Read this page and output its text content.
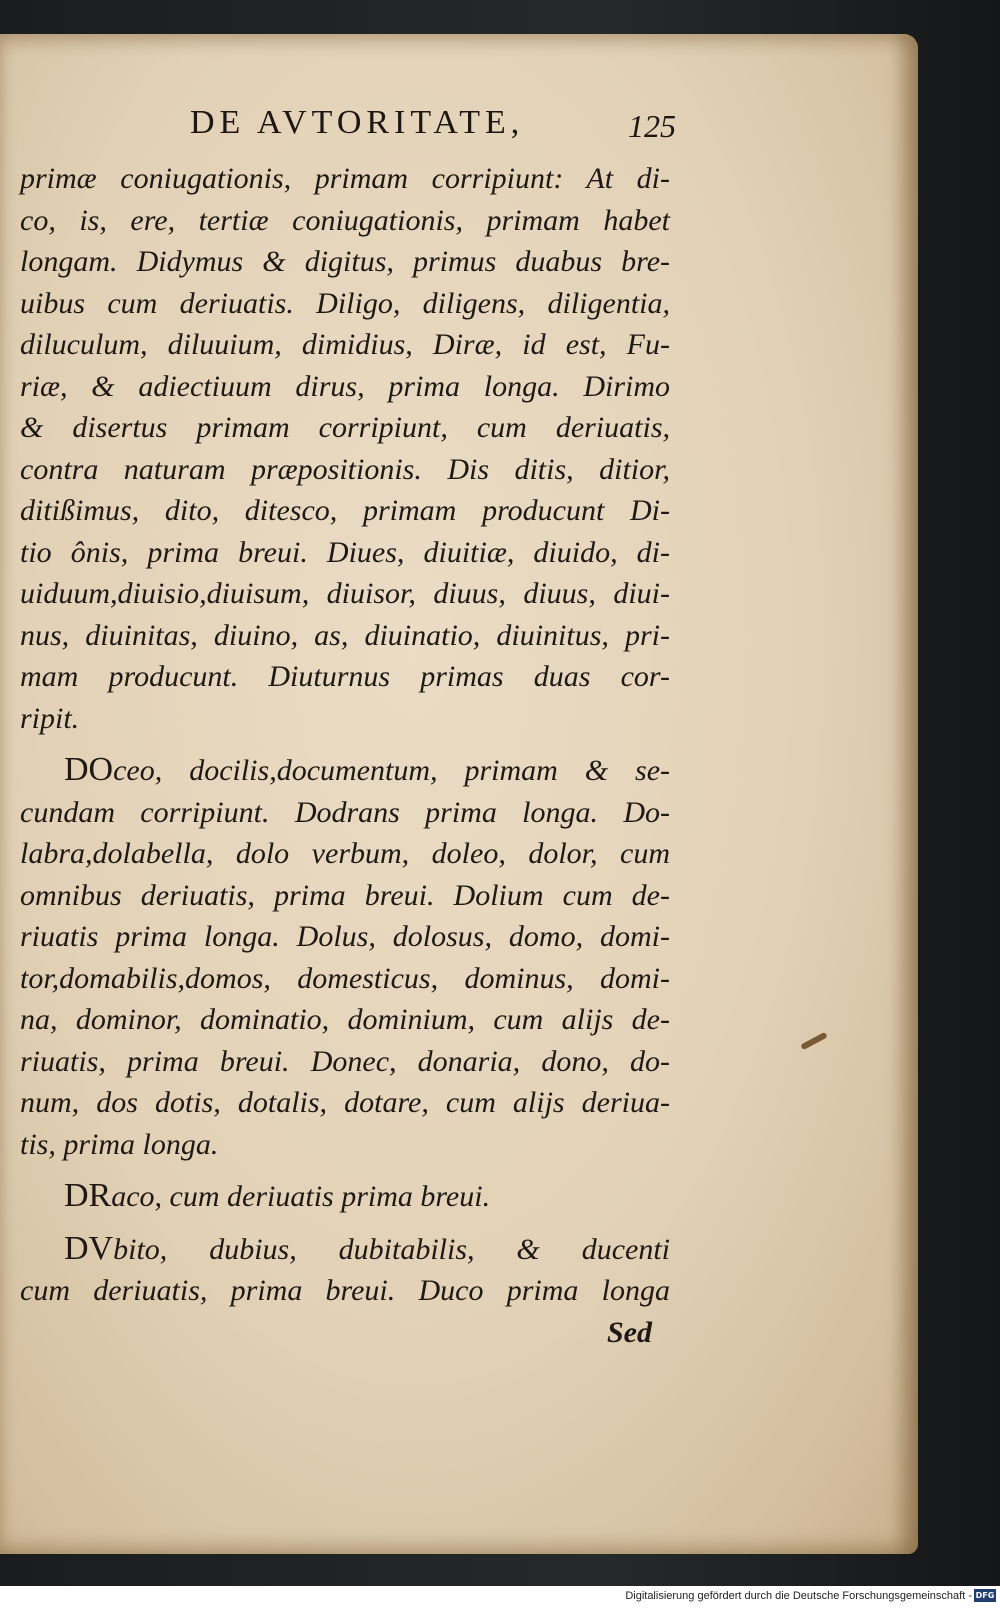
DE AVTORITATE,	125
primæ coniugationis, primam corripiunt: At di-
co, is, ere, tertiæ coniugationis, primam habet
longam. Didymus & digitus, primus duabus bre-
uibus cum deriuatis. Diligo, diligens, diligentia,
diluculum, diluuium, dimidius, Diræ, id est, Fu-
riæ, & adiectiuum dirus, prima longa. Dirimo
& disertus primam corripiunt, cum deriuatis,
contra naturam præpositionis. Dis ditis, ditior,
ditißimus, dito, ditesco, primam producunt Di-
tio ônis, prima breui. Diues, diuitiæ, diuido, di-
uiduum,diuisio,diuisum, diuisor, diuus, diuus, diui-
nus, diuinitas, diuino, as, diuinatio, diuinitus, pri-
mam producunt. Diuturnus primas duas cor-
ripit.
DOceo, docilis,documentum, primam & se-
cundam corripiunt. Dodrans prima longa. Do-
labra,dolabella, dolo verbum, doleo, dolor, cum
omnibus deriuatis, prima breui. Dolium cum de-
riuatis prima longa. Dolus, dolosus, domo, domi-
tor,domabilis,domos, domesticus, dominus, domi-
na, dominor, dominatio, dominium, cum alijs de-
riuatis, prima breui. Donec, donaria, dono, do-
num, dos dotis, dotalis, dotare, cum alijs deriua-
tis, prima longa.
DRaco, cum deriuatis prima breui.
DVbito, dubius, dubitabilis, & ducenti
cum deriuatis, prima breui. Duco prima longa
Sed
Digitalisierung gefördert durch die Deutsche Forschungsgemeinschaft - DFG
